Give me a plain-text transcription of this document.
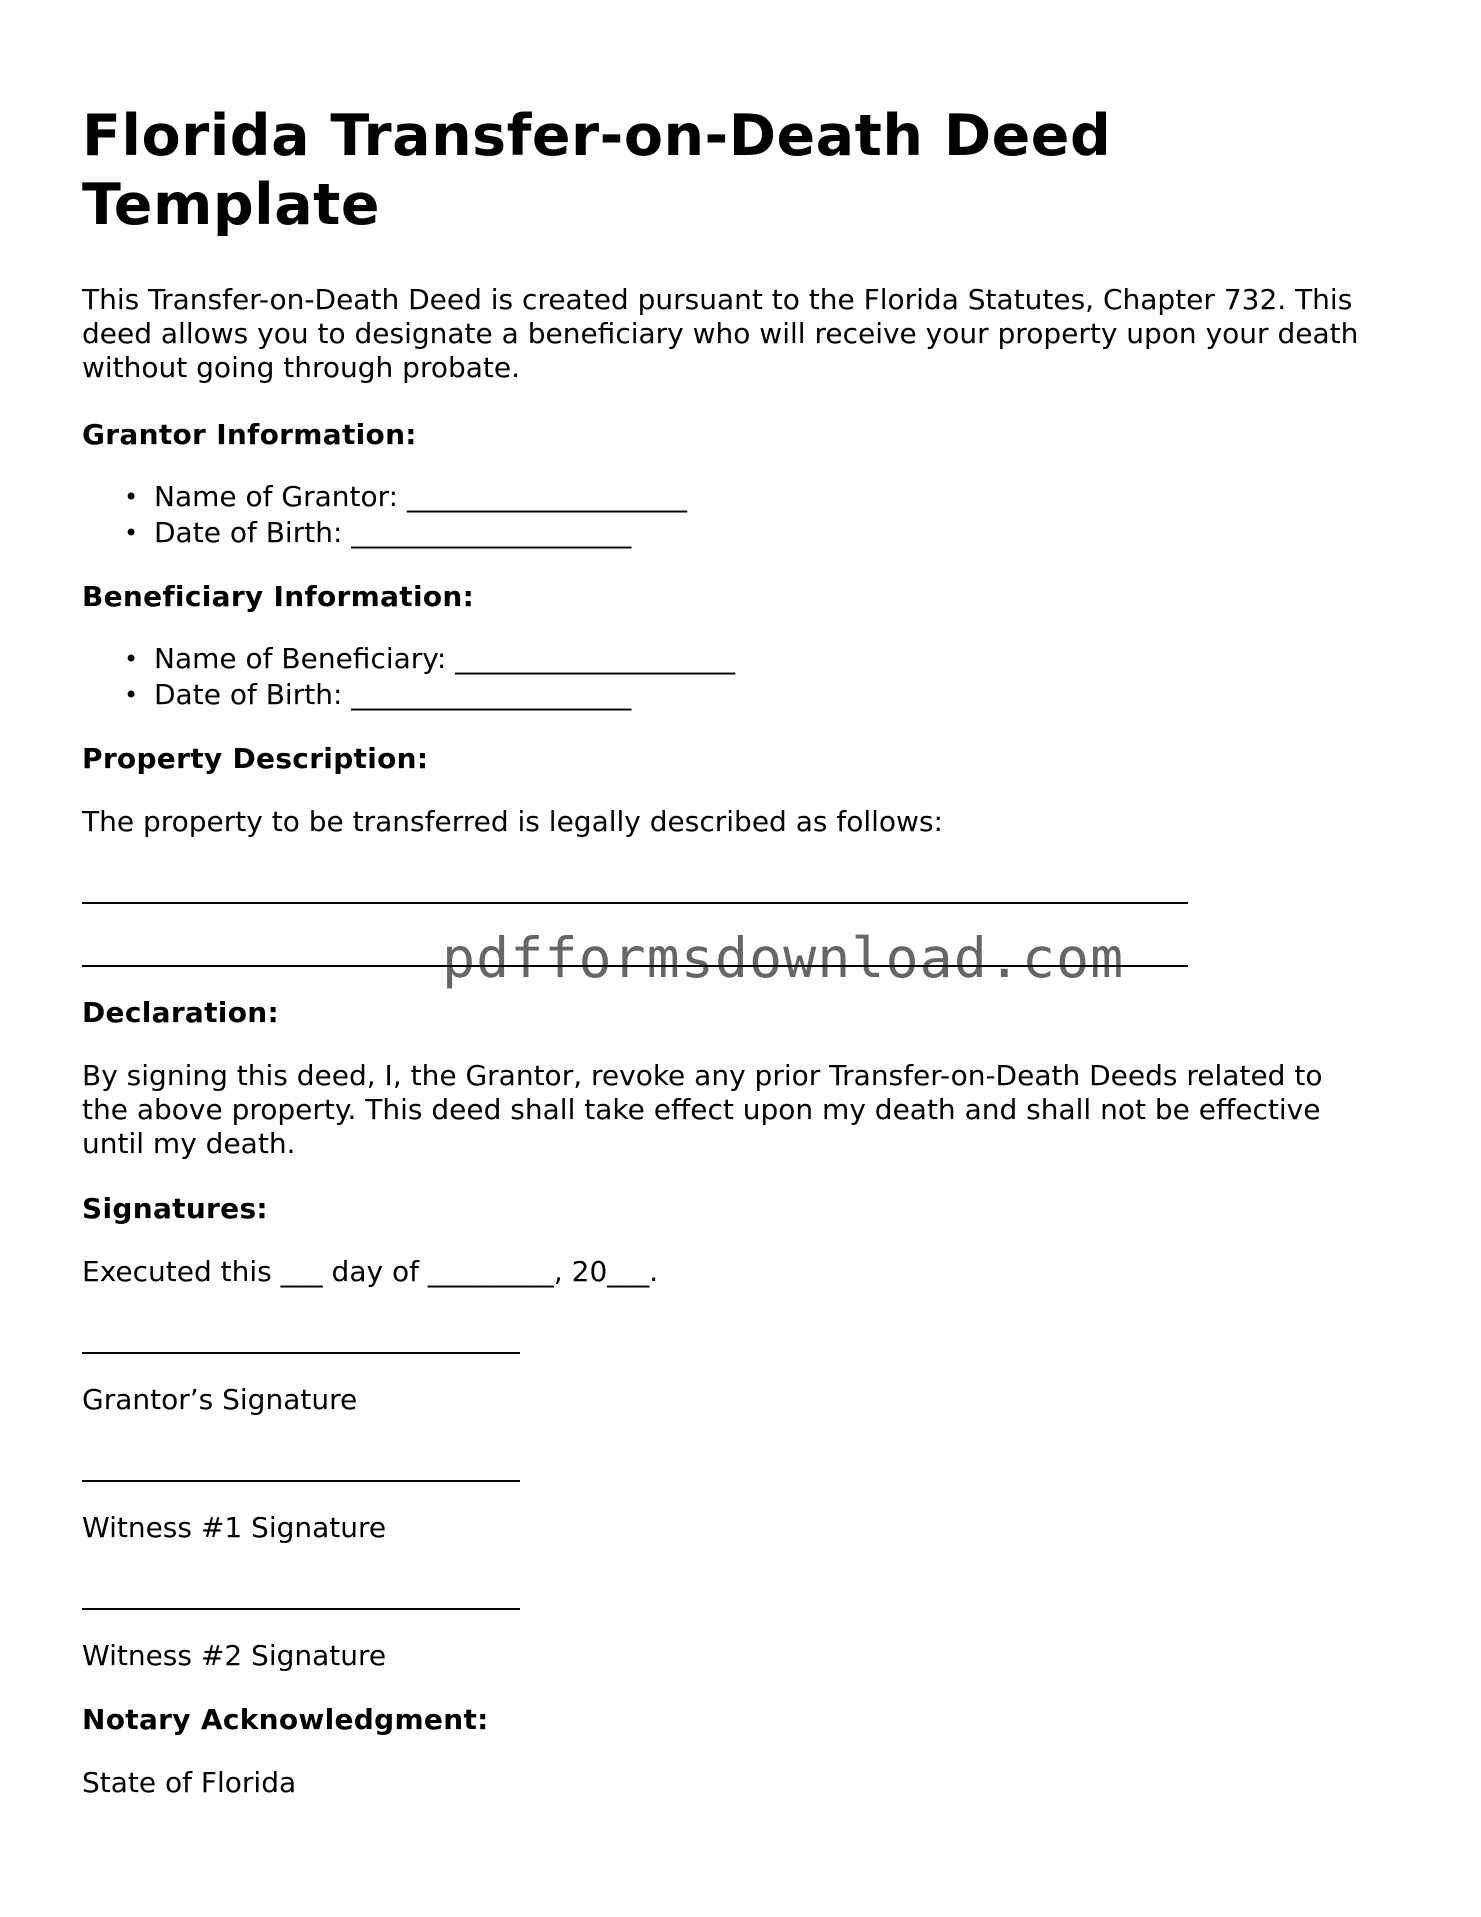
Florida Transfer-on-Death Deed Template

This Transfer-on-Death Deed is created pursuant to the Florida Statutes, Chapter 732. This

deed allows you to designate a beneficiary who will receive your property upon your death

without going through probate.

Grantor Information:

• Name of Grantor: ____________________
• Date of Birth: ____________________

Beneficiary Information:

• Name of Beneficiary: ____________________
• Date of Birth: ____________________

Property Description:

The property to be transferred is legally described as follows:

pdfformsdownload.com

Declaration:

By signing this deed, I, the Grantor, revoke any prior Transfer-on-Death Deeds related to

the above property. This deed shall take effect upon my death and shall not be effective

until my death.

Signatures:

Executed this ___ day of _________, 20___.

Grantor’s Signature

Witness #1 Signature

Witness #2 Signature

Notary Acknowledgment:

State of Florida
